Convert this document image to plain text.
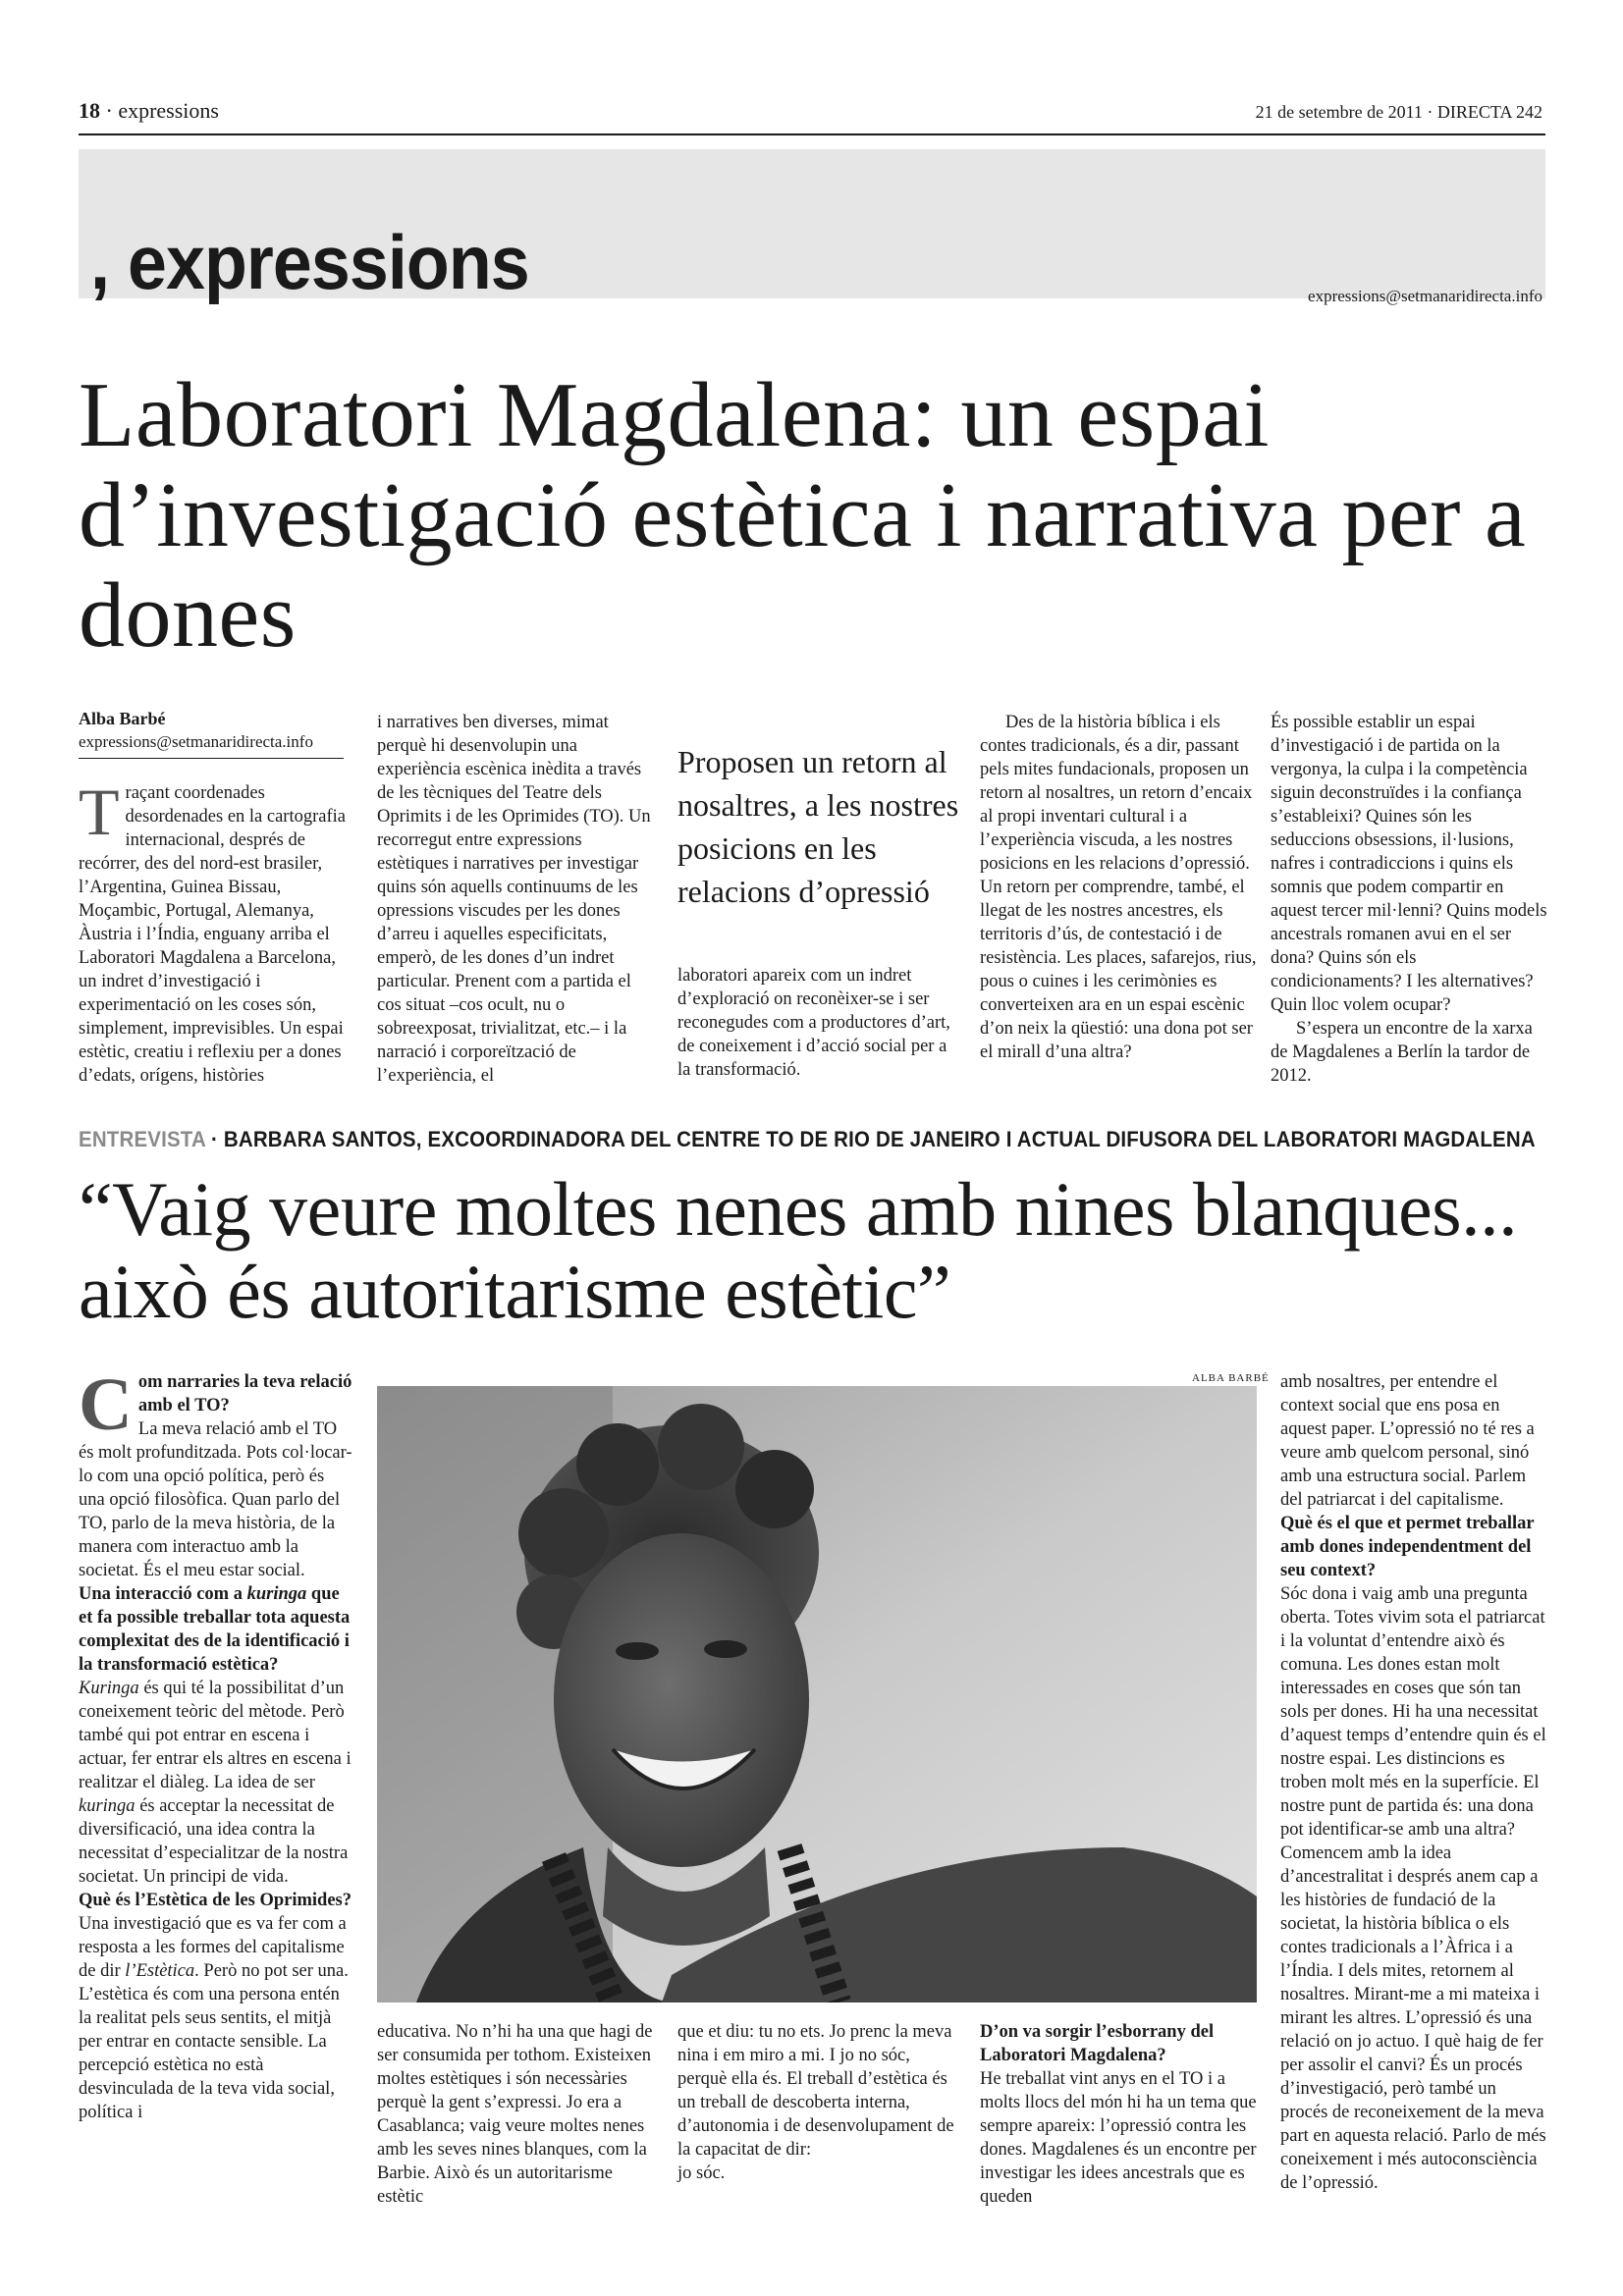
18 · expressions	21 de setembre de 2011 · DIRECTA 242
, expressions	expressions@setmanaridirecta.info
Laboratori Magdalena: un espai d’investigació estètica i narrativa per a dones
Alba Barbé
expressions@setmanaridirecta.info
T raçant coordenades desordenades en la cartografia internacional, després de recórrer, des del nord-est brasiler, l’Argentina, Guinea Bissau, Moçambic, Portugal, Alemanya, Àustria i l’Índia, enguany arriba el Laboratori Magdalena a Barcelona, un indret d’investigació i experimentació on les coses són, simplement, imprevisibles. Un espai estètic, creatiu i reflexiu per a dones d’edats, orígens, històries
i narratives ben diverses, mimat perquè hi desenvolupin una experiència escènica inèdita a través de les tècniques del Teatre dels Oprimits i de les Oprimides (TO). Un recorregut entre expressions estètiques i narratives per investigar quins són aquells continuums de les opressions viscudes per les dones d’arreu i aquelles especificitats, emperò, de les dones d’un indret particular. Prenent com a partida el cos situat –cos ocult, nu o sobreexposat, trivialitzat, etc.– i la narració i corporeïtzació de l’experiència, el
Proposen un retorn al nosaltres, a les nostres posicions en les relacions d’opressió
laboratori apareix com un indret d’exploració on reconèixer-se i ser reconegudes com a productores d’art, de coneixement i d’acció social per a la transformació.

Des de la història bíblica i els contes tradicionals, és a dir, passant pels mites fundacionals, proposen un retorn al nosaltres, un retorn d’encaix al propi inventari cultural i a l’experiència viscuda, a les nostres posicions en les relacions d’opressió. Un retorn per comprendre, també, el llegat de les nostres ancestres, els territoris d’ús, de contestació i de resistència. Les places, safarejos, rius, pous o cuines i les cerimònies es converteixen ara en un espai escènic d’on neix la qüestió: una dona pot ser el mirall d’una altra?

És possible establir un espai d’investigació i de partida on la vergonya, la culpa i la competència siguin deconstruïdes i la confiança s’estableixi? Quines són les seduccions obsessions, il·lusions, nafres i contradiccions i quins els somnis que podem compartir en aquest tercer mil·lenni? Quins models ancestrals romanen avui en el ser dona? Quins són els condicionaments? I les alternatives? Quin lloc volem ocupar?

S’espera un encontre de la xarxa de Magdalenes a Berlín la tardor de 2012.

ENTREVISTA · BARBARA SANTOS, EXCOORDINADORA DEL CENTRE TO DE RIO DE JANEIRO I ACTUAL DIFUSORA DEL LABORATORI MAGDALENA
“Vaig veure moltes nenes amb nines blanques... això és autoritarisme estètic”
C om narraries la teva relació amb el TO?

La meva relació amb el TO és molt profunditzada. Pots col·locar-lo com una opció política, però és una opció filosòfica. Quan parlo del TO, parlo de la meva història, de la manera com interactuo amb la societat. És el meu estar social.

Una interacció com a kuringa que et fa possible treballar tota aquesta complexitat des de la identificació i la transformació estètica?

Kuringa és qui té la possibilitat d’un coneixement teòric del mètode. Però també qui pot entrar en escena i actuar, fer entrar els altres en escena i realitzar el diàleg. La idea de ser kuringa és acceptar la necessitat de diversificació, una idea contra la necessitat d’especialitzar de la nostra societat. Un principi de vida.

Què és l’Estètica de les Oprimides?

Una investigació que es va fer com a resposta a les formes del capitalisme de dir l’Estètica. Però no pot ser una. L’estètica és com una persona entén la realitat pels seus sentits, el mitjà per entrar en contacte sensible. La percepció estètica no està desvinculada de la teva vida social, política i

ALBA BARBÉ
educativa. No n’hi ha una que hagi de ser consumida per tothom. Existeixen moltes estètiques i són necessàries perquè la gent s’expressi. Jo era a Casablanca; vaig veure moltes nenes amb les seves nines blanques, com la Barbie. Això és un autoritarisme estètic

que et diu: tu no ets. Jo prenc la meva nina i em miro a mi. I jo no sóc, perquè ella és. El treball d’estètica és un treball de descoberta interna, d’autonomia i de desenvolupament de la capacitat de dir:

jo sóc.

D’on va sorgir l’esborrany del Laboratori Magdalena?

He treballat vint anys en el TO i a molts llocs del món hi ha un tema que sempre apareix: l’opressió contra les dones. Magdalenes és un encontre per investigar les idees ancestrals que es queden

amb nosaltres, per entendre el context social que ens posa en aquest paper. L’opressió no té res a veure amb quelcom personal, sinó amb una estructura social. Parlem del patriarcat i del capitalisme.

Què és el que et permet treballar amb dones independentment del seu context?

Sóc dona i vaig amb una pregunta oberta. Totes vivim sota el patriarcat i la voluntat d’entendre això és comuna. Les dones estan molt interessades en coses que són tan sols per dones. Hi ha una necessitat d’aquest temps d’entendre quin és el nostre espai. Les distincions es troben molt més en la superfície. El nostre punt de partida és: una dona pot identificar-se amb una altra? Comencem amb la idea d’ancestralitat i després anem cap a les històries de fundació de la societat, la història bíblica o els contes tradicionals a l’Àfrica i a l’Índia. I dels mites, retornem al nosaltres. Mirant-me a mi mateixa i mirant les altres. L’opressió és una relació on jo actuo. I què haig de fer per assolir el canvi? És un procés d’investigació, però també un procés de reconeixement de la meva part en aquesta relació. Parlo de més coneixement i més autoconsciència de l’opressió.
